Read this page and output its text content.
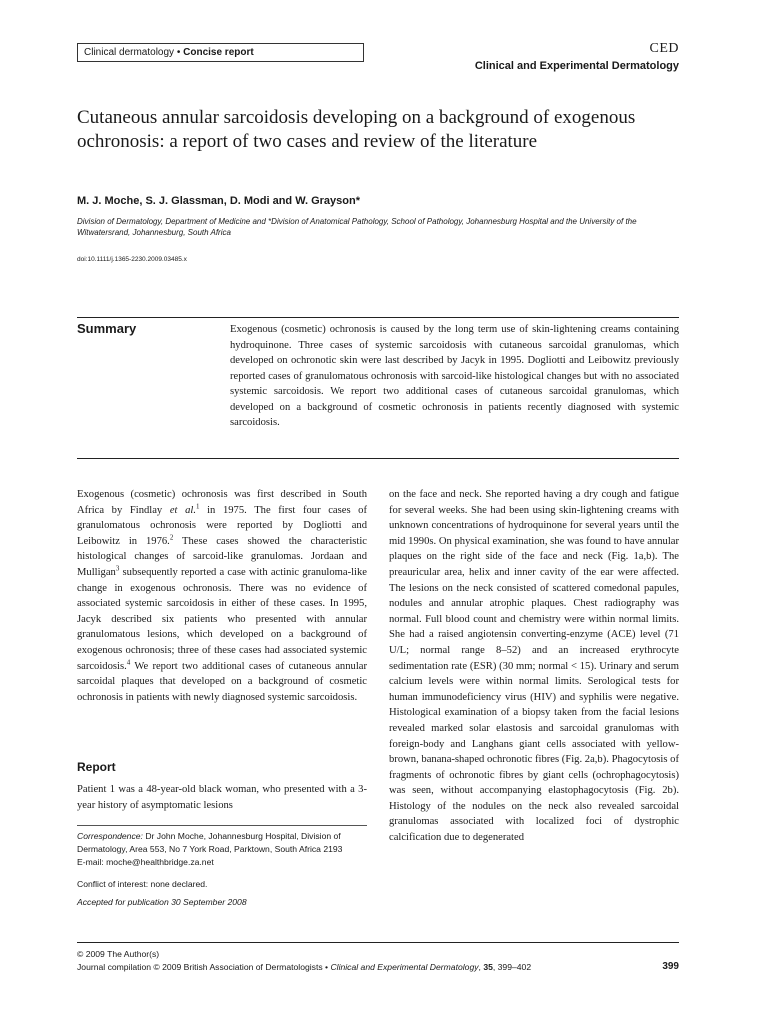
Clinical dermatology • Concise report	CED
Clinical and Experimental Dermatology
Cutaneous annular sarcoidosis developing on a background of exogenous ochronosis: a report of two cases and review of the literature
M. J. Moche, S. J. Glassman, D. Modi and W. Grayson*
Division of Dermatology, Department of Medicine and *Division of Anatomical Pathology, School of Pathology, Johannesburg Hospital and the University of the Witwatersrand, Johannesburg, South Africa
doi:10.1111/j.1365-2230.2009.03485.x
Summary	Exogenous (cosmetic) ochronosis is caused by the long term use of skin-lightening creams containing hydroquinone. Three cases of systemic sarcoidosis with cutaneous sarcoidal granulomas, which developed on ochronotic skin were last described by Jacyk in 1995. Dogliotti and Leibowitz previously reported cases of granulomatous ochronosis with sarcoid-like histological changes but with no associated systemic sarcoidosis. We report two additional cases of cutaneous sarcoidal granulomas, which developed on a background of cosmetic ochronosis in patients recently diagnosed with systemic sarcoidosis.

Exogenous (cosmetic) ochronosis was first described in South Africa by Findlay et al.$^1$ in 1975. The first four cases of granulomatous ochronosis were reported by Dogliotti and Leibowitz in 1976.$^2$ These cases showed the characteristic histological changes of sarcoid-like granulomas. Jordaan and Mulligan$^3$ subsequently reported a case with actinic granuloma-like change in exogenous ochronosis. There was no evidence of associated systemic sarcoidosis in either of these cases. In 1995, Jacyk described six patients who presented with annular granulomatous lesions, which developed on a background of exogenous ochronosis; three of these cases had associated systemic sarcoidosis.$^4$ We report two additional cases of cutaneous annular sarcoidal plaques that developed on a background of cosmetic ochronosis in patients with newly diagnosed systemic sarcoidosis.

Report
Patient 1 was a 48-year-old black woman, who presented with a 3-year history of asymptomatic lesions
Correspondence: Dr John Moche, Johannesburg Hospital, Division of Dermatology, Area 553, No 7 York Road, Parktown, South Africa 2193
E-mail: moche@healthbridge.za.net
Conflict of interest: none declared.
Accepted for publication 30 September 2008
on the face and neck. She reported having a dry cough and fatigue for several weeks. She had been using skin-lightening creams with unknown concentrations of hydroquinone for several years until the mid 1990s. On physical examination, she was found to have annular plaques on the right side of the face and neck (Fig. 1a,b). The preauricular area, helix and inner cavity of the ear were affected. The lesions on the neck consisted of scattered comedonal papules, nodules and annular atrophic plaques. Chest radiography was normal. Full blood count and chemistry were within normal limits. She had a raised angiotensin converting-enzyme (ACE) level (71 U/L; normal range 8–52) and an increased erythrocyte sedimentation rate (ESR) (30 mm; normal < 15). Urinary and serum calcium levels were within normal limits. Serological tests for human immunodeficiency virus (HIV) and syphilis were negative. Histological examination of a biopsy taken from the facial lesions revealed marked solar elastosis and sarcoidal granulomas with foreign-body and Langhans giant cells associated with yellow-brown, banana-shaped ochronotic fibres (Fig. 2a,b). Phagocytosis of fragments of ochronotic fibres by giant cells (ochrophagocytosis) was seen, without accompanying elastophagocytosis (Fig. 2b). Histology of the nodules on the neck also revealed sarcoidal granulomas associated with localized foci of dystrophic calcification due to degenerated
© 2009 The Author(s)
Journal compilation © 2009 British Association of Dermatologists • Clinical and Experimental Dermatology, 35, 399–402	399
